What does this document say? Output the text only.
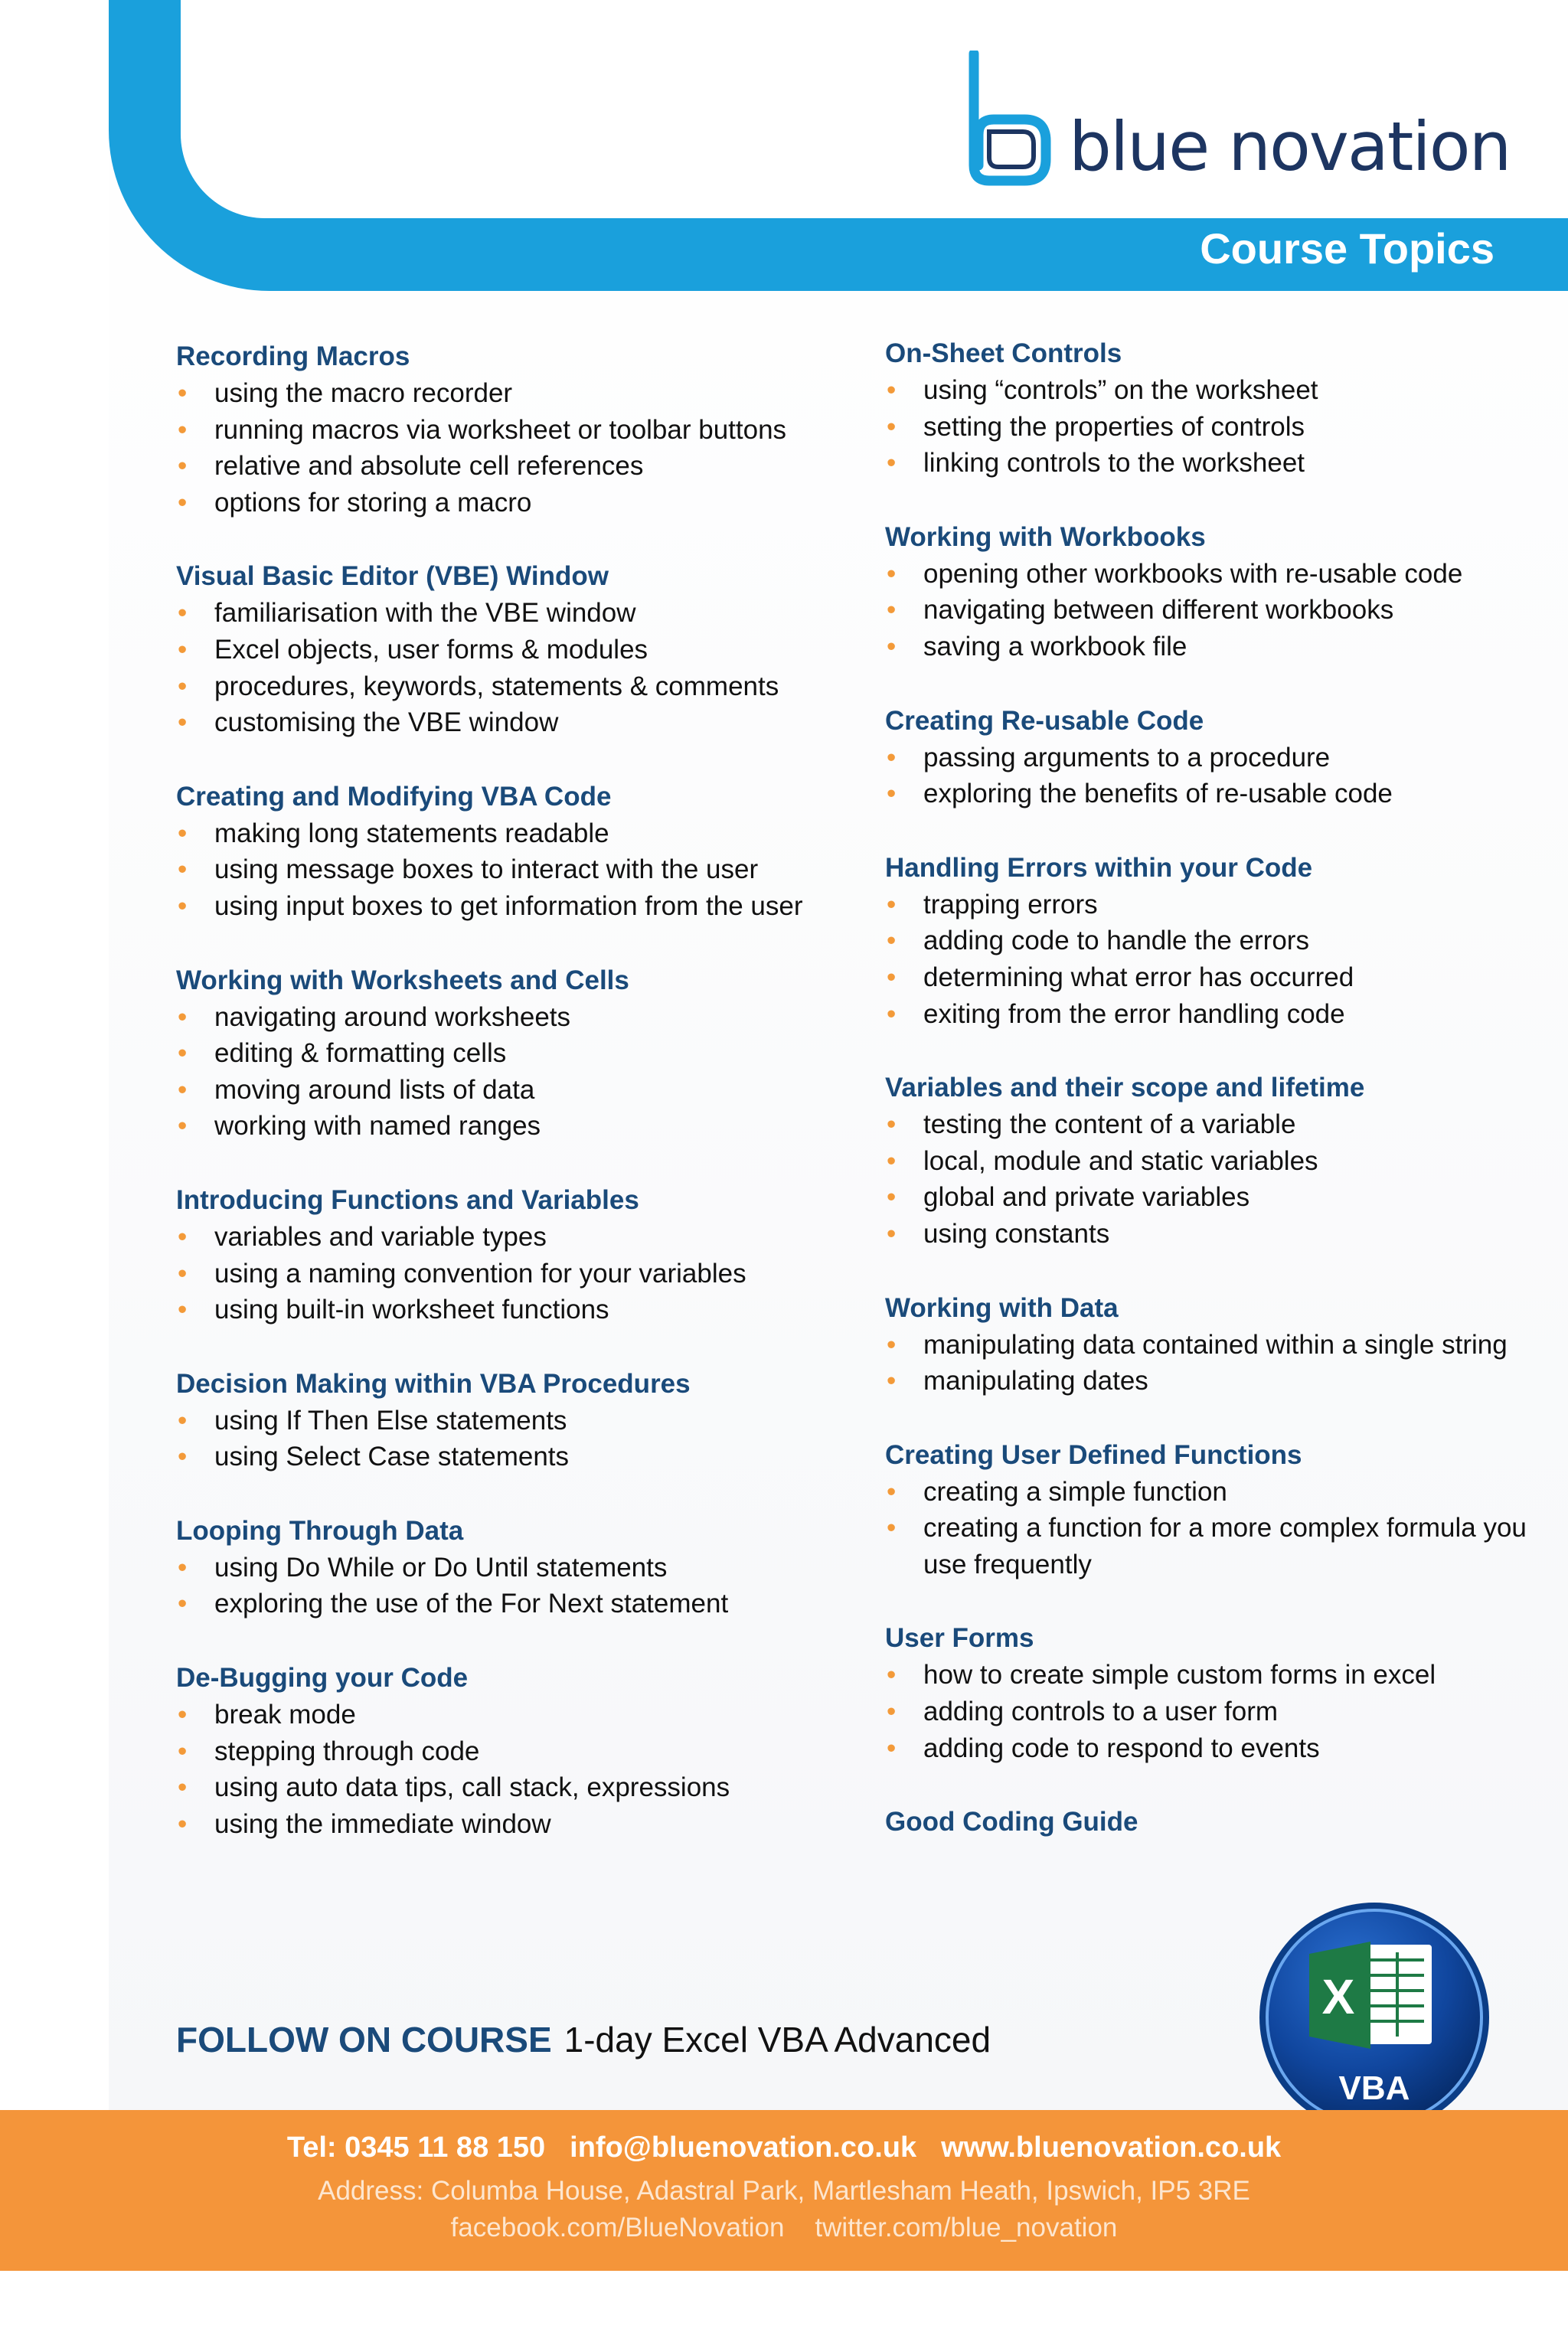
blue novation
Course Topics
Recording Macros
• using the macro recorder
• running macros via worksheet or toolbar buttons
• relative and absolute cell references
• options for storing a macro
Visual Basic Editor (VBE) Window
• familiarisation with the VBE window
• Excel objects, user forms & modules
• procedures, keywords, statements & comments
• customising the VBE window
Creating and Modifying VBA Code
• making long statements readable
• using message boxes to interact with the user
• using input boxes to get information from the user
Working with Worksheets and Cells
• navigating around worksheets
• editing & formatting cells
• moving around lists of data
• working with named ranges
Introducing Functions and Variables
• variables and variable types
• using a naming convention for your variables
• using built-in worksheet functions
Decision Making within VBA Procedures
• using If Then Else statements
• using Select Case statements
Looping Through Data
• using Do While or Do Until statements
• exploring the use of the For Next statement
De-Bugging your Code
• break mode
• stepping through code
• using auto data tips, call stack, expressions
• using the immediate window
On-Sheet Controls
• using “controls” on the worksheet
• setting the properties of controls
• linking controls to the worksheet
Working with Workbooks
• opening other workbooks with re-usable code
• navigating between different workbooks
• saving a workbook file
Creating Re-usable Code
• passing arguments to a procedure
• exploring the benefits of re-usable code
Handling Errors within your Code
• trapping errors
• adding code to handle the errors
• determining what error has occurred
• exiting from the error handling code
Variables and their scope and lifetime
• testing the content of a variable
• local, module and static variables
• global and private variables
• using constants
Working with Data
• manipulating data contained within a single string
• manipulating dates
Creating User Defined Functions
• creating a simple function
• creating a function for a more complex formula you use frequently
User Forms
• how to create simple custom forms in excel
• adding controls to a user form
• adding code to respond to events
Good Coding Guide
FOLLOW ON COURSE 1-day Excel VBA Advanced
X
VBA
Tel: 0345 11 88 150 info@bluenovation.co.uk www.bluenovation.co.uk
Address: Columba House, Adastral Park, Martlesham Heath, Ipswich, IP5 3RE
facebook.com/BlueNovation twitter.com/blue_novation
